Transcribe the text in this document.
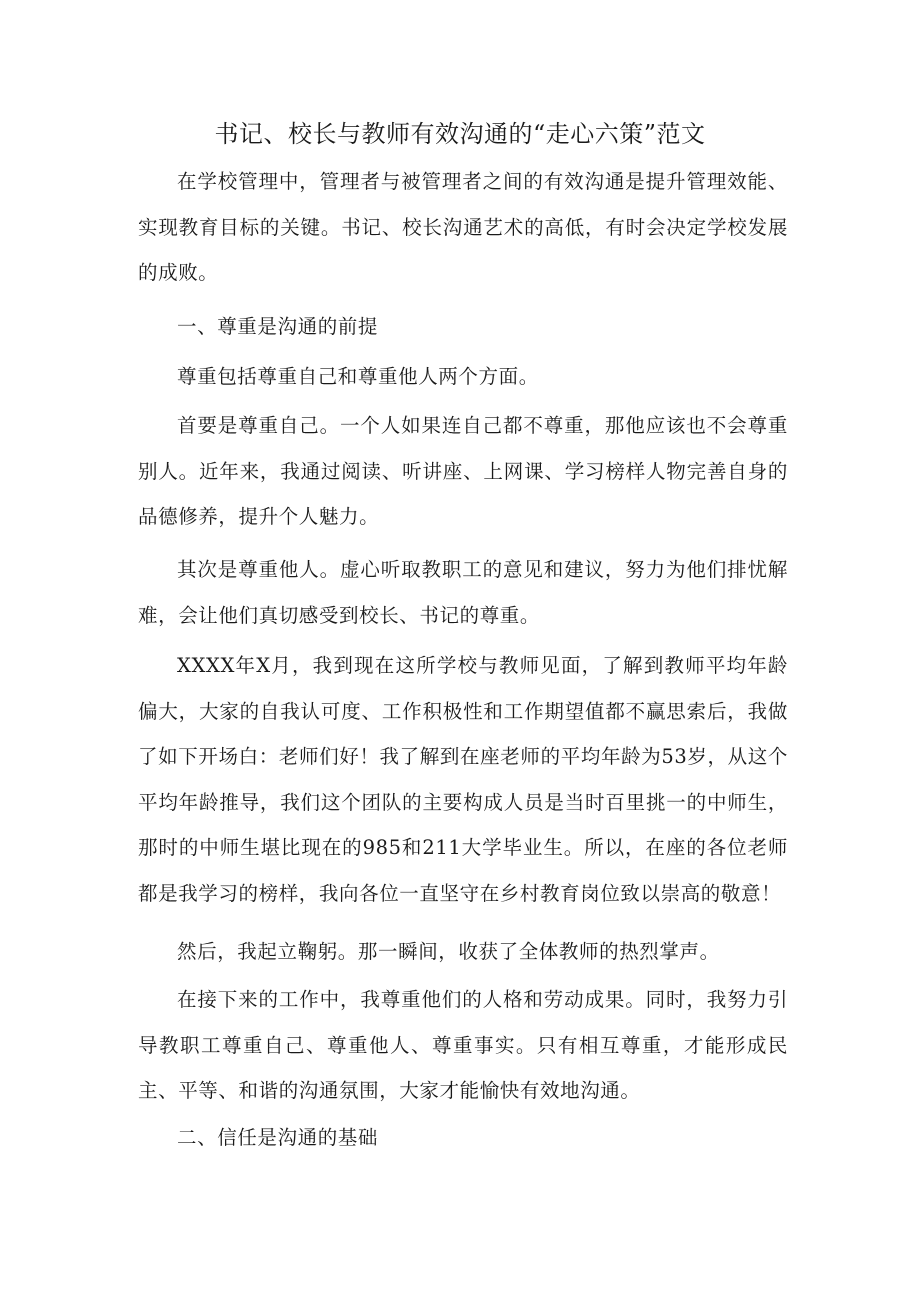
书记、校长与教师有效沟通的“走心六策”范文
在学校管理中，管理者与被管理者之间的有效沟通是提升管理效能、实现教育目标的关键。书记、校长沟通艺术的高低，有时会决定学校发展的成败。
一、尊重是沟通的前提
尊重包括尊重自己和尊重他人两个方面。
首要是尊重自己。一个人如果连自己都不尊重，那他应该也不会尊重别人。近年来，我通过阅读、听讲座、上网课、学习榜样人物完善自身的品德修养，提升个人魅力。
其次是尊重他人。虚心听取教职工的意见和建议，努力为他们排忧解难，会让他们真切感受到校长、书记的尊重。
XXXX年X月，我到现在这所学校与教师见面，了解到教师平均年龄偏大，大家的自我认可度、工作积极性和工作期望值都不赢思索后，我做了如下开场白：老师们好！我了解到在座老师的平均年龄为53岁，从这个平均年龄推导，我们这个团队的主要构成人员是当时百里挑一的中师生，那时的中师生堪比现在的985和211大学毕业生。所以，在座的各位老师都是我学习的榜样，我向各位一直坚守在乡村教育岗位致以崇高的敬意！
然后，我起立鞠躬。那一瞬间，收获了全体教师的热烈掌声。
在接下来的工作中，我尊重他们的人格和劳动成果。同时，我努力引导教职工尊重自己、尊重他人、尊重事实。只有相互尊重，才能形成民主、平等、和谐的沟通氛围，大家才能愉快有效地沟通。
二、信任是沟通的基础
